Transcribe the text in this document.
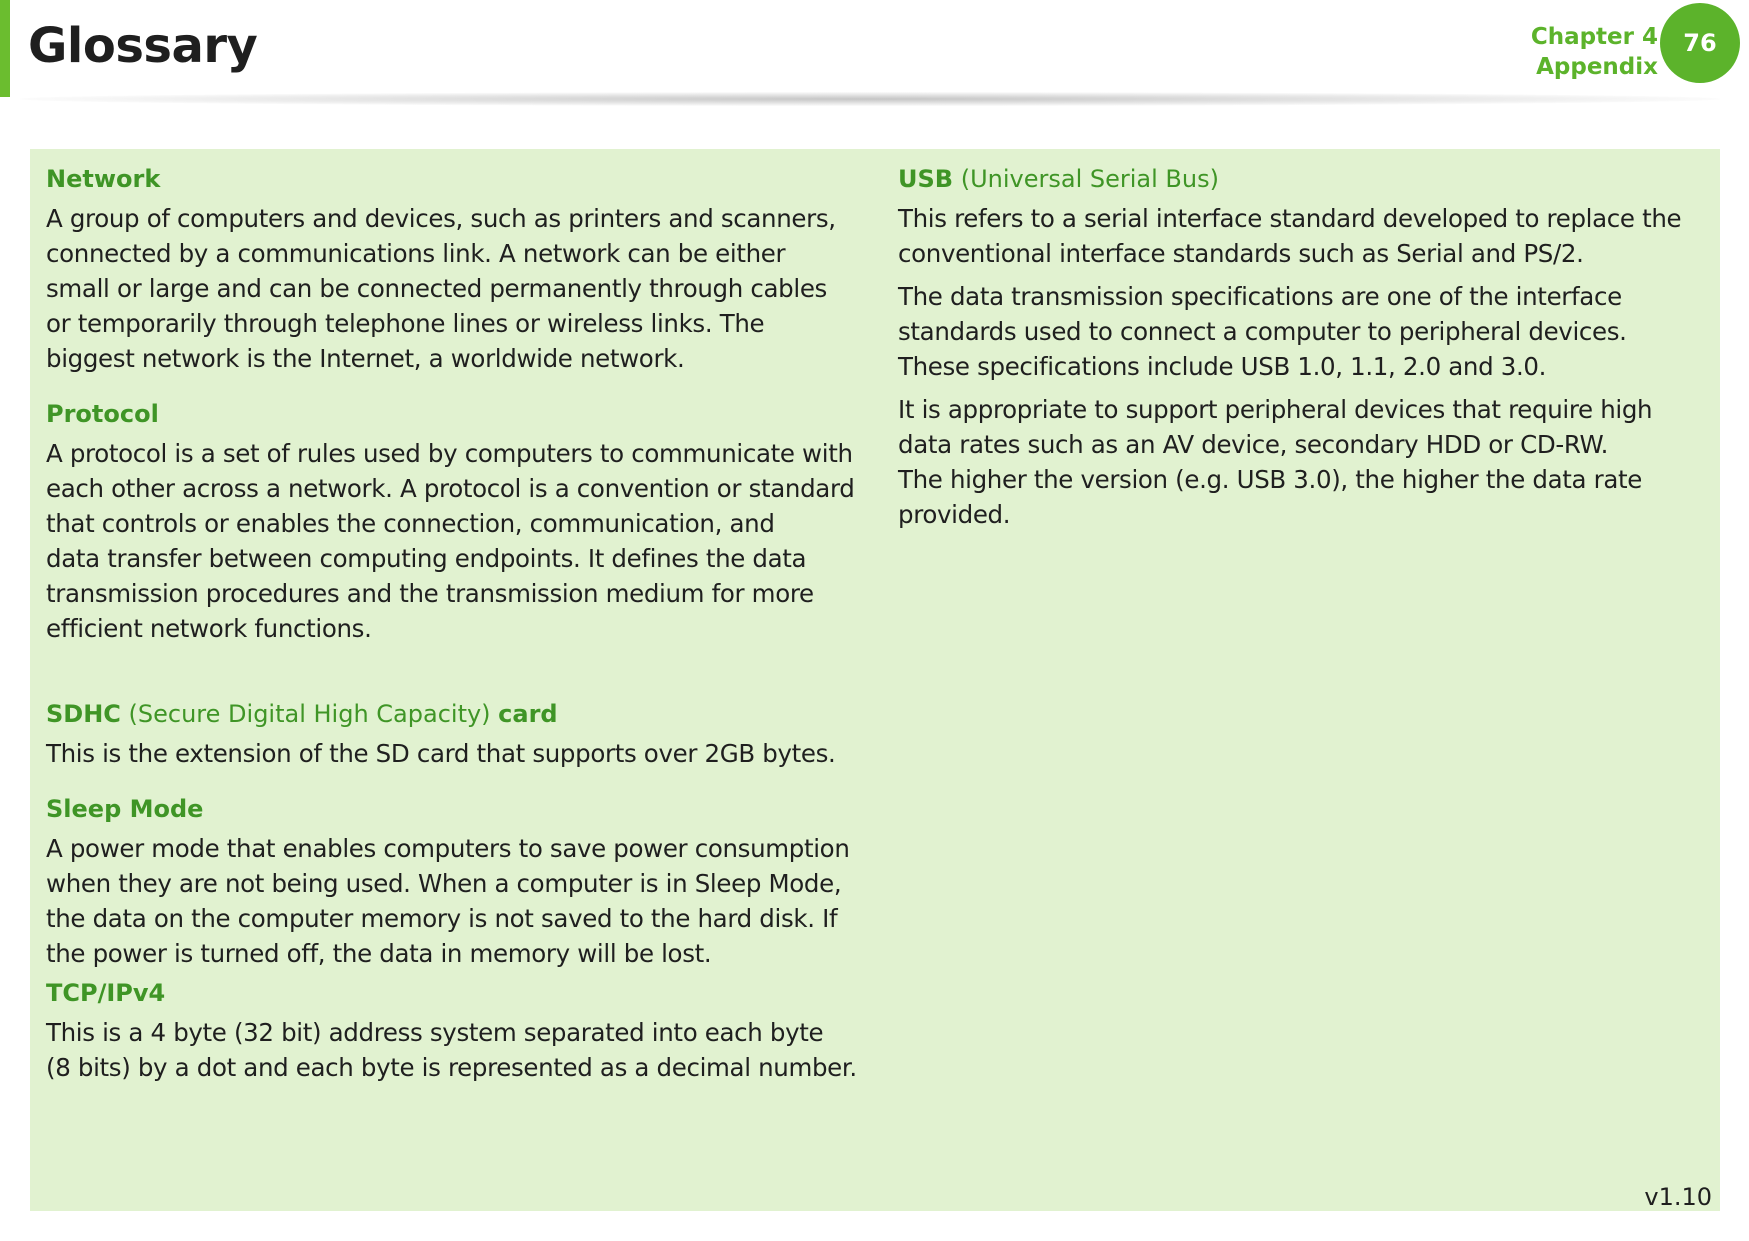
Glossary	Chapter 4
Appendix
76
Network
A group of computers and devices, such as printers and scanners,
connected by a communications link. A network can be either
small or large and can be connected permanently through cables
or temporarily through telephone lines or wireless links. The
biggest network is the Internet, a worldwide network.
Protocol
A protocol is a set of rules used by computers to communicate with
each other across a network. A protocol is a convention or standard
that controls or enables the connection, communication, and
data transfer between computing endpoints. It defines the data
transmission procedures and the transmission medium for more
efficient network functions.
SDHC (Secure Digital High Capacity) card
This is the extension of the SD card that supports over 2GB bytes.
Sleep Mode
A power mode that enables computers to save power consumption
when they are not being used. When a computer is in Sleep Mode,
the data on the computer memory is not saved to the hard disk. If
the power is turned off, the data in memory will be lost.
TCP/IPv4
This is a 4 byte (32 bit) address system separated into each byte
(8 bits) by a dot and each byte is represented as a decimal number.
USB (Universal Serial Bus)
This refers to a serial interface standard developed to replace the
conventional interface standards such as Serial and PS/2.
The data transmission specifications are one of the interface
standards used to connect a computer to peripheral devices.
These specifications include USB 1.0, 1.1, 2.0 and 3.0.
It is appropriate to support peripheral devices that require high
data rates such as an AV device, secondary HDD or CD-RW.
The higher the version (e.g. USB 3.0), the higher the data rate
provided.
v1.10
